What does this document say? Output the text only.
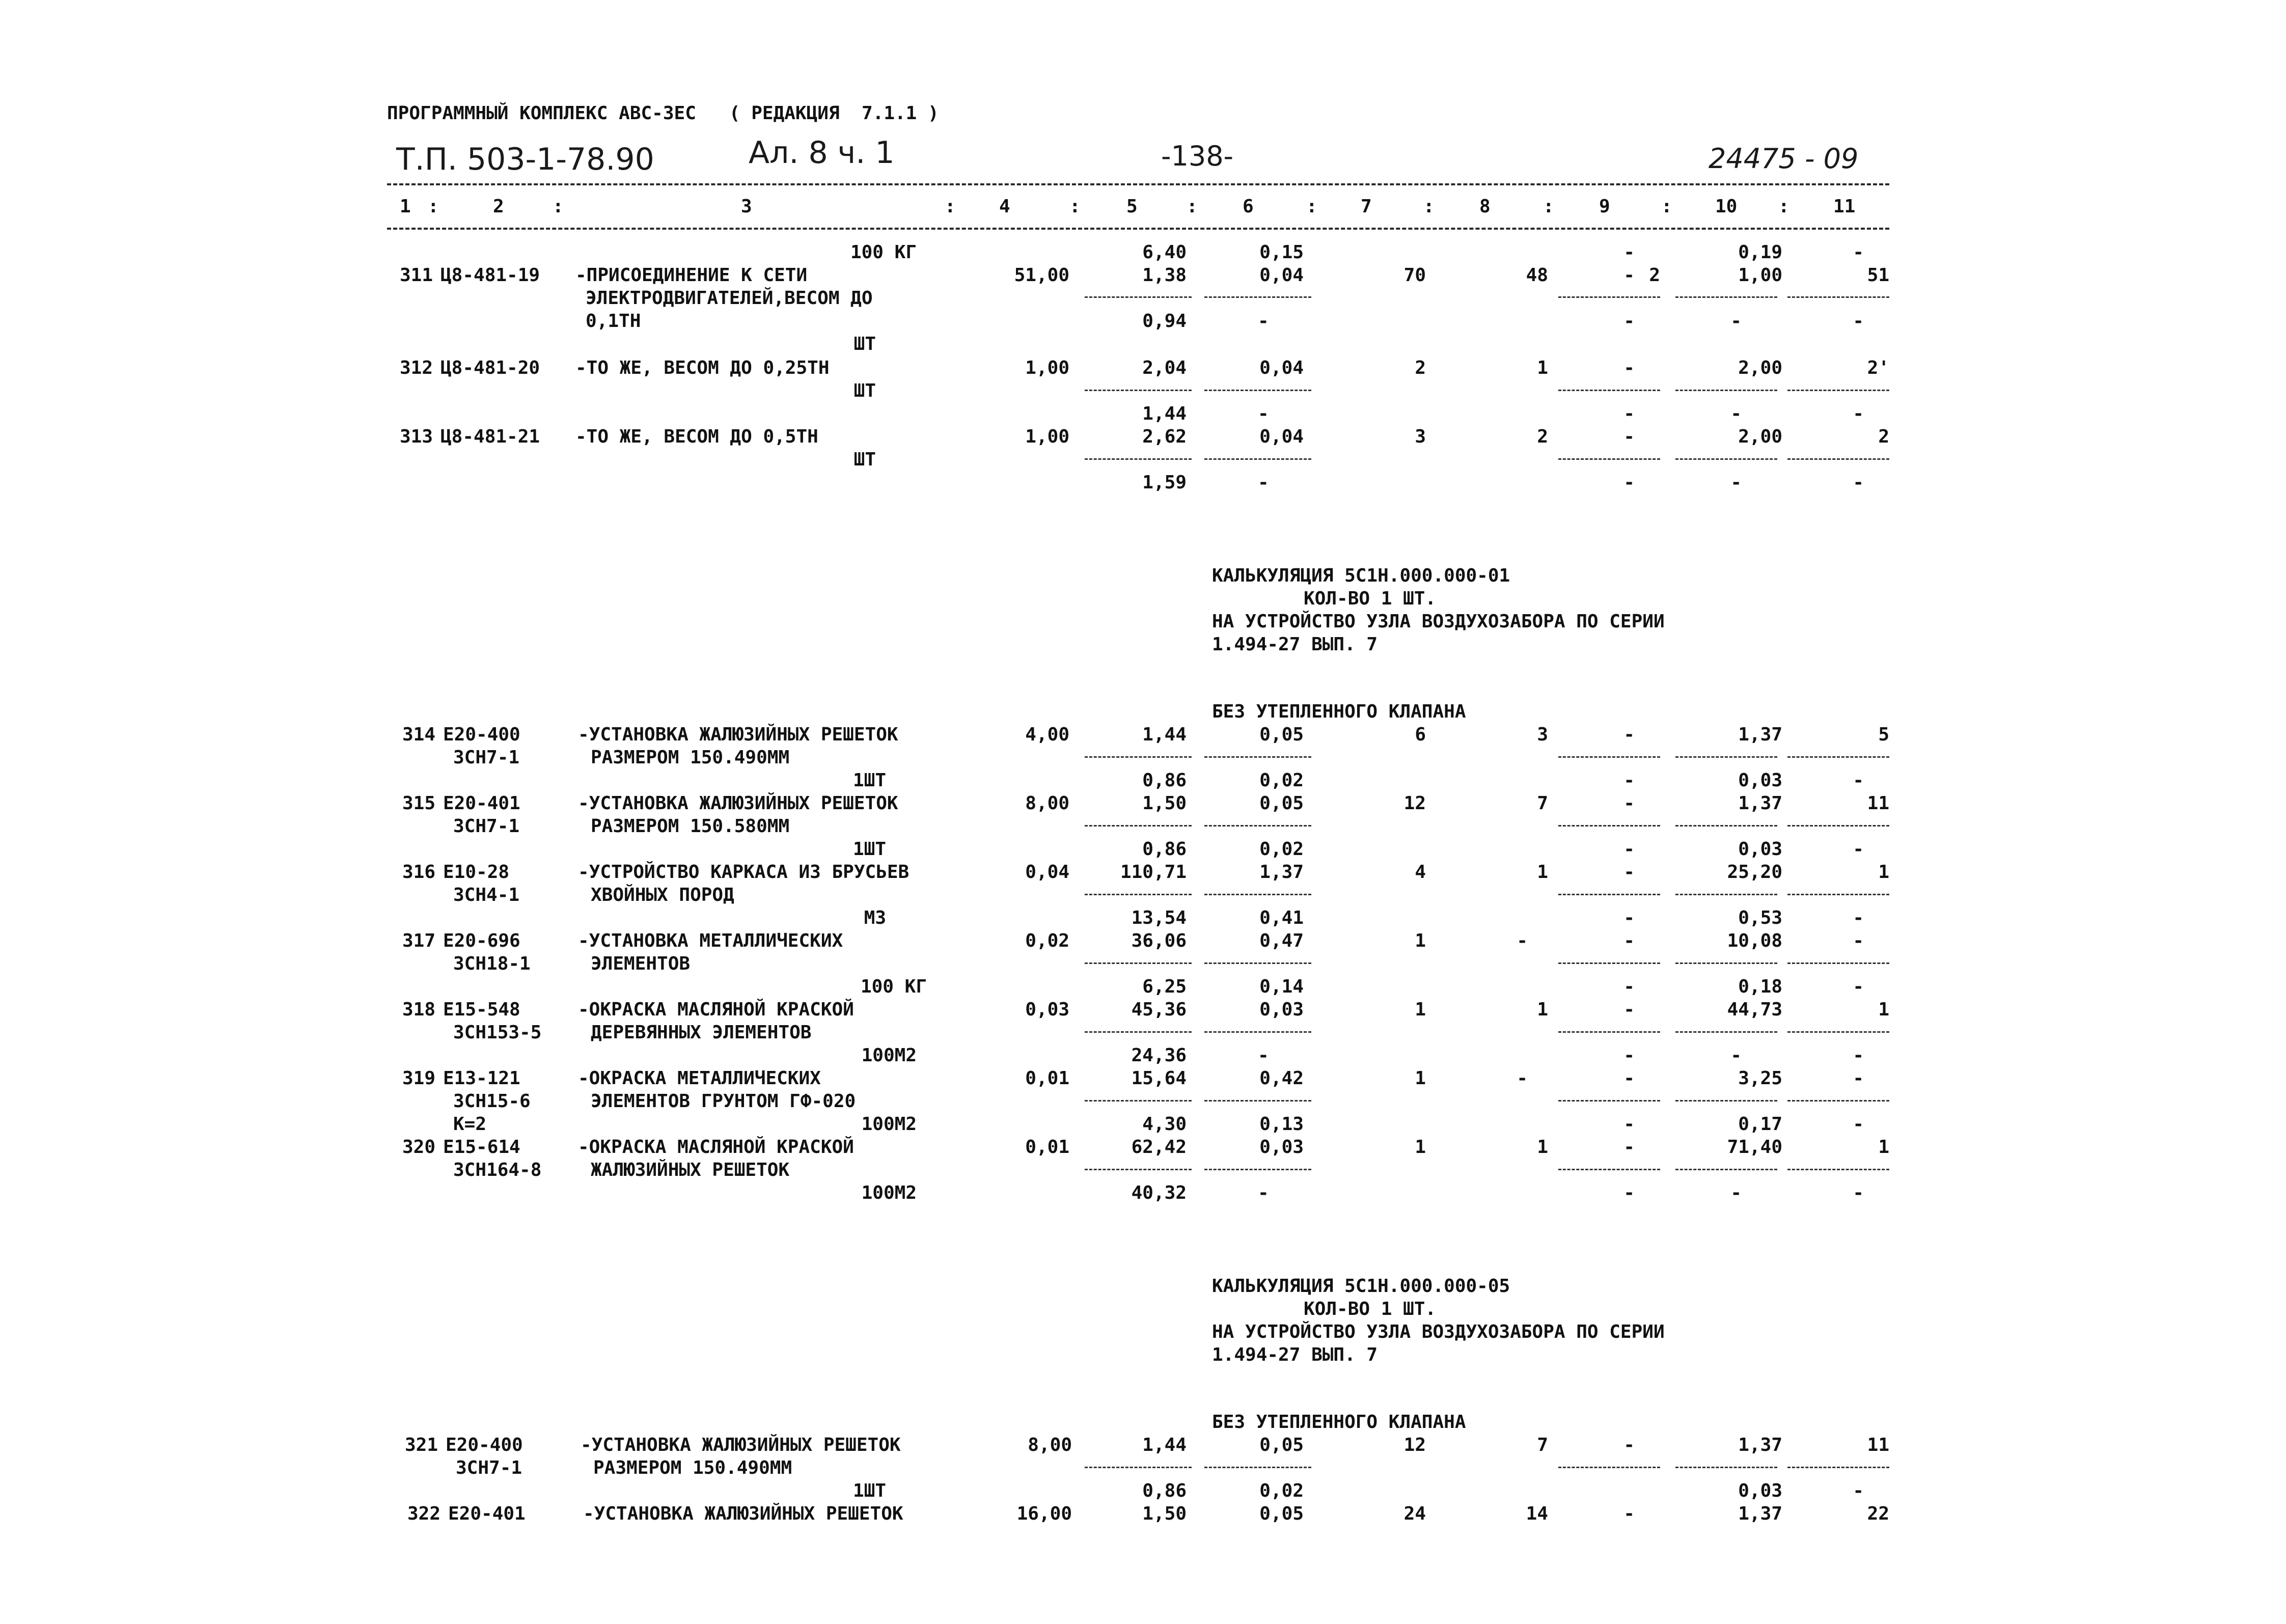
ПРОГРАММНЫЙ КОМПЛЕКС АВС-3ЕС   ( РЕДАКЦИЯ  7.1.1 )
Т.П. 503-1-78.90	Ал. 8 ч. 1	-138-	24475 - 09
1 :	2	:	3	: 4	:	5	: 6	: 7	: 8	: 9	: 10 : 11
100 КГ	6,40	0,15	-	0,19	-
311 Ц8-481-19 -ПРИСОЕДИНЕНИЕ К СЕТИ
ЭЛЕКТРОДВИГАТЕЛЕЙ,ВЕСОМ ДО
0,1ТН
51,00	1,38	0,04	70	48	- 2	1,00	51
0,94	-	-	-	-
ШТ
312 Ц8-481-20 -ТО ЖЕ, ВЕСОМ ДО 0,25ТН
ШТ
1,00	2,04	0,04	2	1	-	2,00	2'
1,44	-	-	-	-
313 Ц8-481-21 -ТО ЖЕ, ВЕСОМ ДО 0,5ТН
ШТ
1,00	2,62	0,04	3	2	-	2,00	2
1,59	-	-	-	-
КАЛЬКУЛЯЦИЯ 5С1Н.000.000-01
КОЛ-ВО 1 ШТ.
НА УСТРОЙСТВО УЗЛА ВОЗДУХОЗАБОРА ПО СЕРИИ
1.494-27 ВЫП. 7
БЕЗ УТЕПЛЕННОГО КЛАПАНА
314 Е20-400
3СН7-1
-УСТАНОВКА ЖАЛЮЗИЙНЫХ РЕШЕТОК
РАЗМЕРОМ 150.490ММ
1ШТ
4,00	1,44	0,05	6	3	-	1,37	5
0,86	0,02	-	0,03	-
315 Е20-401
3СН7-1
-УСТАНОВКА ЖАЛЮЗИЙНЫХ РЕШЕТОК
РАЗМЕРОМ 150.580ММ
1ШТ
8,00	1,50	0,05	12	7	-	1,37	11
0,86	0,02	-	0,03	-
316 Е10-28
3СН4-1
-УСТРОЙСТВО КАРКАСА ИЗ БРУСЬЕВ
ХВОЙНЫХ ПОРОД
М3
0,04	110,71	1,37	4	1	-	25,20	1
13,54	0,41	-	0,53	-
317 Е20-696
3СН18-1
-УСТАНОВКА МЕТАЛЛИЧЕСКИХ
ЭЛЕМЕНТОВ
100 КГ
0,02	36,06	0,47	1	-	-	10,08	-
6,25	0,14	-	0,18	-
318 Е15-548
3СН153-5
-ОКРАСКА МАСЛЯНОЙ КРАСКОЙ
ДЕРЕВЯННЫХ ЭЛЕМЕНТОВ
100М2
0,03	45,36	0,03	1	1	-	44,73	1
24,36	-	-	-	-
319 Е13-121
3СН15-6
К=2
-ОКРАСКА МЕТАЛЛИЧЕСКИХ
ЭЛЕМЕНТОВ ГРУНТОМ ГФ-020
100М2
0,01	15,64	0,42	1	-	-	3,25	-
4,30	0,13	-	0,17	-
320 Е15-614
3СН164-8
-ОКРАСКА МАСЛЯНОЙ КРАСКОЙ
ЖАЛЮЗИЙНЫХ РЕШЕТОК
100М2
0,01	62,42	0,03	1	1	-	71,40	1
40,32	-	-	-	-
КАЛЬКУЛЯЦИЯ 5С1Н.000.000-05
КОЛ-ВО 1 ШТ.
НА УСТРОЙСТВО УЗЛА ВОЗДУХОЗАБОРА ПО СЕРИИ
1.494-27 ВЫП. 7
БЕЗ УТЕПЛЕННОГО КЛАПАНА
321 Е20-400
3СН7-1
-УСТАНОВКА ЖАЛЮЗИЙНЫХ РЕШЕТОК
РАЗМЕРОМ 150.490ММ
1ШТ
8,00	1,44	0,05	12	7	-	1,37	11
0,86	0,02	0,03	-
322 Е20-401	-УСТАНОВКА ЖАЛЮЗИЙНЫХ РЕШЕТОК	16,00	1,50	0,05	24	14	-	1,37	22
